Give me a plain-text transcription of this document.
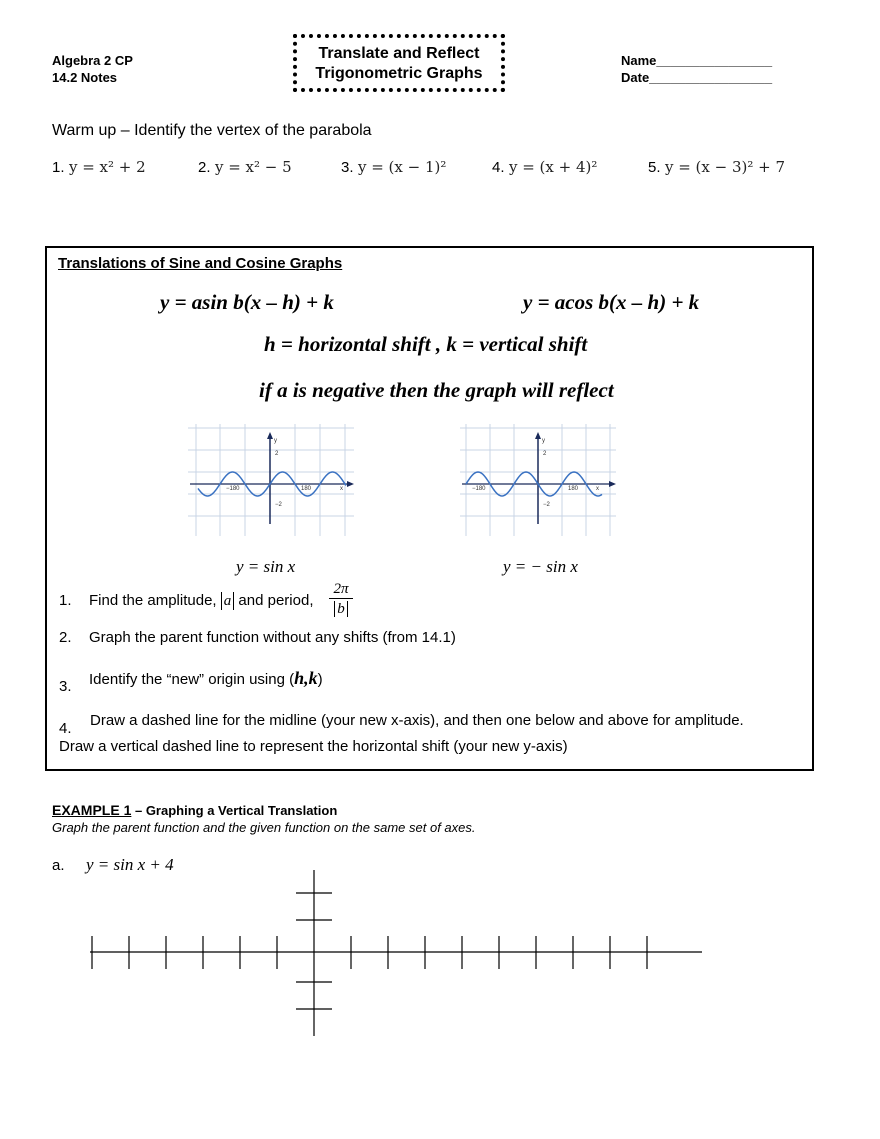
Algebra 2 CP
14.2 Notes
Translate and Reflect
Trigonometric Graphs
Name________________
Date_________________
Warm up – Identify the vertex of the parabola
1. y = x² + 2	2. y = x² − 5	3. y = (x − 1)²	4. y = (x + 4)²	5. y = (x − 3)² + 7
Translations of Sine and Cosine Graphs
y = asin b(x – h) + k	y = acos b(x – h) + k
h = horizontal shift , k = vertical shift
if a is negative then the graph will reflect
y
2
−2
−180	180	x
y
2
−2
−180	180	x
y = sin x	y = − sin x
1. Find the amplitude, a and period, $\frac{2\pi}{b}$
2. Graph the parent function without any shifts (from 14.1)
3. Identify the “new” origin using (h,k)
4. Draw a dashed line for the midline (your new x-axis), and then one below and above for amplitude.
Draw a vertical dashed line to represent the horizontal shift (your new y-axis)
EXAMPLE 1 – Graphing a Vertical Translation
Graph the parent function and the given function on the same set of axes.
a. y = sin x + 4
